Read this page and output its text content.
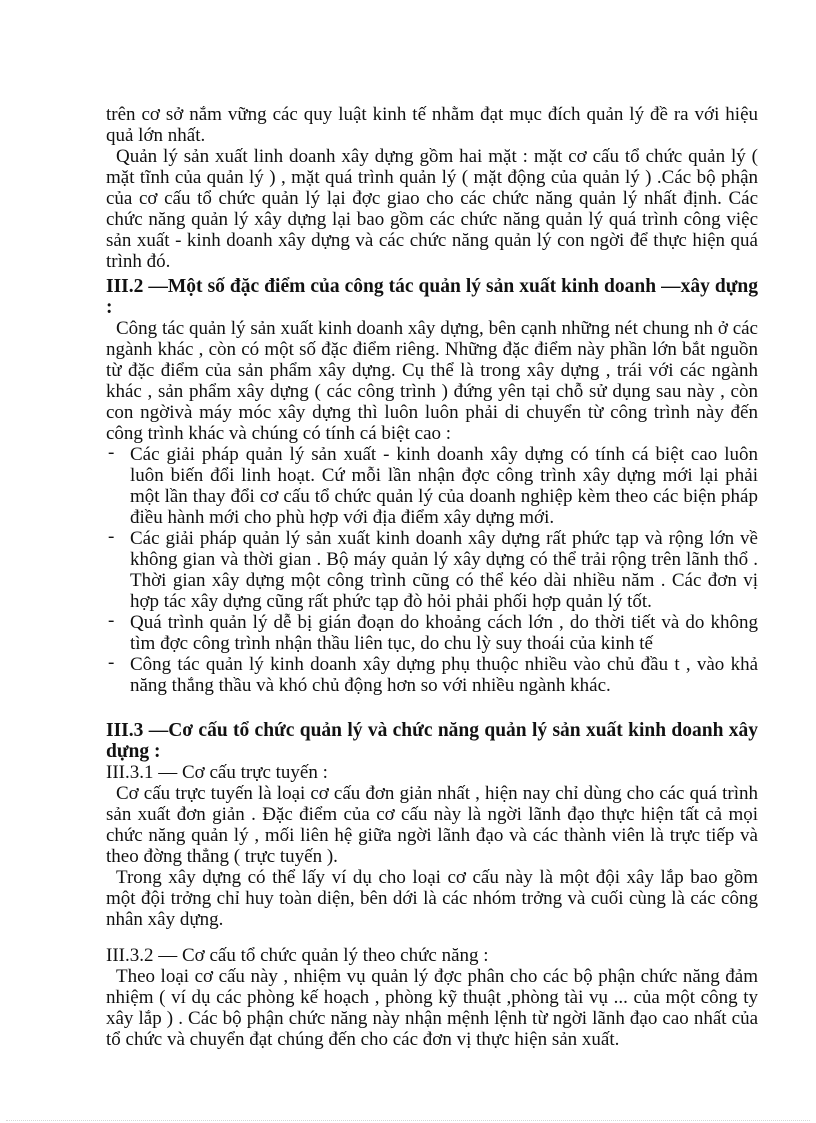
trên cơ sở nắm vững các quy luật kinh tế nhằm đạt mục đích quản lý đề ra với hiệu quả lớn nhất.

Quản lý sản xuất linh doanh xây dựng gồm hai mặt : mặt cơ cấu tổ chức quản lý ( mặt tĩnh của quản lý ) , mặt quá trình quản lý ( mặt động của quản lý ) .Các bộ phận của cơ cấu tổ chức quản lý lại đợc giao cho các chức năng quản lý nhất định. Các chức năng quản lý xây dựng lại bao gồm các chức năng quản lý quá trình công việc sản xuất - kinh doanh xây dựng và các chức năng quản lý con ngời để thực hiện quá trình đó.

III.2 —Một số đặc điểm của công tác quản lý sản xuất kinh doanh —xây dựng :

Công tác quản lý sản xuất kinh doanh xây dựng, bên cạnh những nét chung nh ở các ngành khác , còn có một số đặc điểm riêng. Những đặc điểm này phần lớn bắt nguồn từ đặc điểm của sản phẩm xây dựng. Cụ thể là trong xây dựng , trái với các ngành khác , sản phẩm xây dựng ( các công trình ) đứng yên tại chỗ sử dụng sau này , còn con ngờivà máy móc xây dựng thì luôn luôn phải di chuyển từ công trình này đến công trình khác và chúng có tính cá biệt cao :

- Các giải pháp quản lý sản xuất - kinh doanh xây dựng có tính cá biệt cao luôn luôn biến đổi linh hoạt. Cứ mỗi lần nhận đợc công trình xây dựng mới lại phải một lần thay đổi cơ cấu tổ chức quản lý của doanh nghiệp kèm theo các biện pháp điều hành mới cho phù hợp với địa điểm xây dựng mới.
- Các giải pháp quản lý sản xuất kinh doanh xây dựng rất phức tạp và rộng lớn về không gian và thời gian . Bộ máy quản lý xây dựng có thể trải rộng trên lãnh thổ . Thời gian xây dựng một công trình cũng có thể kéo dài nhiều năm . Các đơn vị hợp tác xây dựng cũng rất phức tạp đò hỏi phải phối hợp quản lý tốt.
- Quá trình quản lý dễ bị gián đoạn do khoảng cách lớn , do thời tiết và do không tìm đợc công trình nhận thầu liên tục, do chu lỳ suy thoái của kinh tế
- Công tác quản lý kinh doanh xây dựng phụ thuộc nhiều vào chủ đầu t , vào khả năng thắng thầu và khó chủ động hơn so với nhiều ngành khác.

III.3 —Cơ cấu tổ chức quản lý và chức năng quản lý sản xuất kinh doanh xây dựng :

III.3.1 — Cơ cấu trực tuyến :

Cơ cấu trực tuyến là loại cơ cấu đơn giản nhất , hiện nay chỉ dùng cho các quá trình sản xuất đơn giản . Đặc điểm của cơ cấu này là ngời lãnh đạo thực hiện tất cả mọi chức năng quản lý , mối liên hệ giữa ngời lãnh đạo và các thành viên là trực tiếp và theo đờng thẳng ( trực tuyến ).

Trong xây dựng có thể lấy ví dụ cho loại cơ cấu này là một đội xây lắp bao gồm một đội trởng chỉ huy toàn diện, bên dới là các nhóm trởng và cuối cùng là các công nhân xây dựng.

III.3.2 — Cơ cấu tổ chức quản lý theo chức năng :

Theo loại cơ cấu này , nhiệm vụ quản lý đợc phân cho các bộ phận chức năng đảm nhiệm ( ví dụ các phòng kế hoạch , phòng kỹ thuật ,phòng tài vụ ... của một công ty xây lắp ) . Các bộ phận chức năng này nhận mệnh lệnh từ ngời lãnh đạo cao nhất của tổ chức và chuyển đạt chúng đến cho các đơn vị thực hiện sản xuất.
